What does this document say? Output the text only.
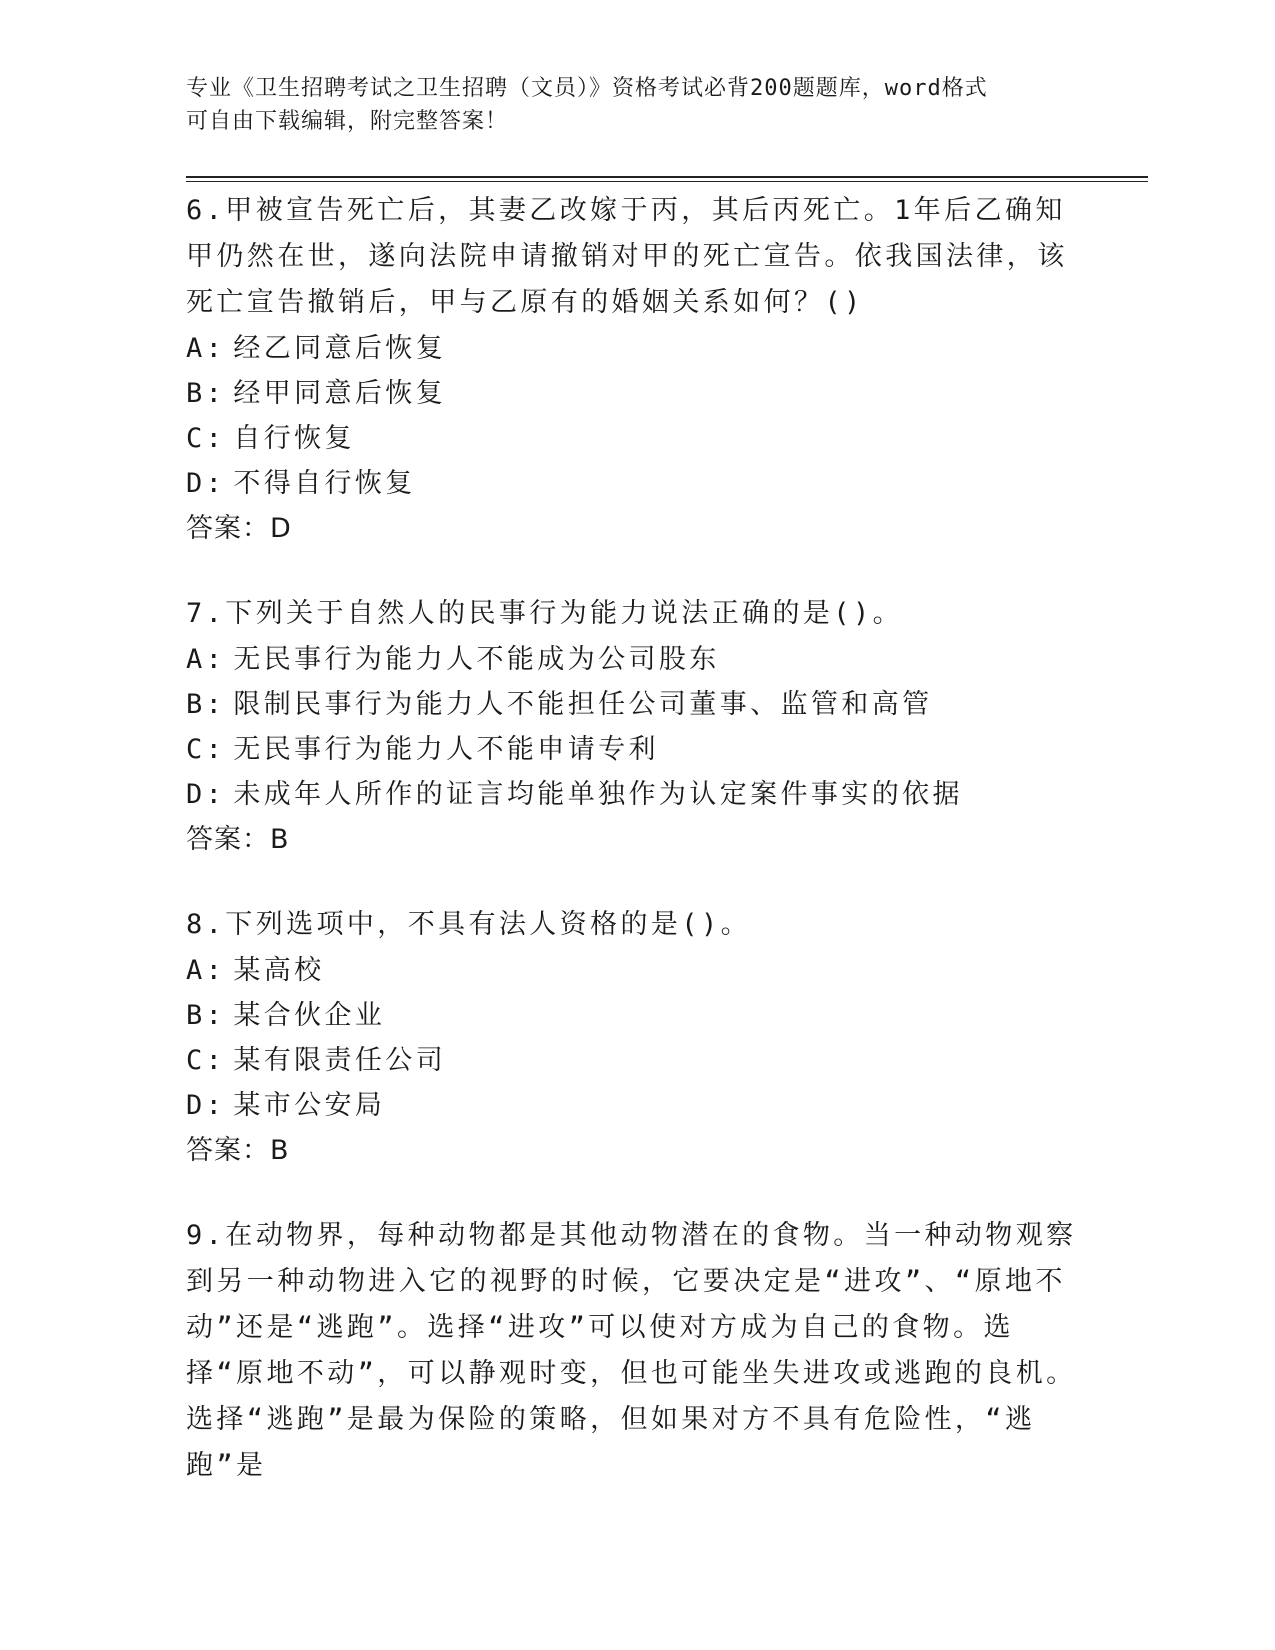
专业《卫生招聘考试之卫生招聘（文员）》资格考试必背200题题库，word格式
可自由下载编辑，附完整答案！

6.甲被宣告死亡后，其妻乙改嫁于丙，其后丙死亡。1年后乙确知甲仍然在世，遂向法院申请撤销对甲的死亡宣告。依我国法律，该死亡宣告撤销后，甲与乙原有的婚姻关系如何？()

A: 经乙同意后恢复
B: 经甲同意后恢复
C: 自行恢复
D: 不得自行恢复
答案：D

7.下列关于自然人的民事行为能力说法正确的是()。

A: 无民事行为能力人不能成为公司股东
B: 限制民事行为能力人不能担任公司董事、监管和高管
C: 无民事行为能力人不能申请专利
D: 未成年人所作的证言均能单独作为认定案件事实的依据
答案：B

8.下列选项中，不具有法人资格的是()。

A: 某高校
B: 某合伙企业
C: 某有限责任公司
D: 某市公安局
答案：B

9.在动物界，每种动物都是其他动物潜在的食物。当一种动物观察到另一种动物进入它的视野的时候，它要决定是“进攻”、“原地不动”还是“逃跑”。选择“进攻”可以使对方成为自己的食物。选择“原地不动”，可以静观时变，但也可能坐失进攻或逃跑的良机。选择“逃跑”是最为保险的策略，但如果对方不具有危险性，“逃跑”是
